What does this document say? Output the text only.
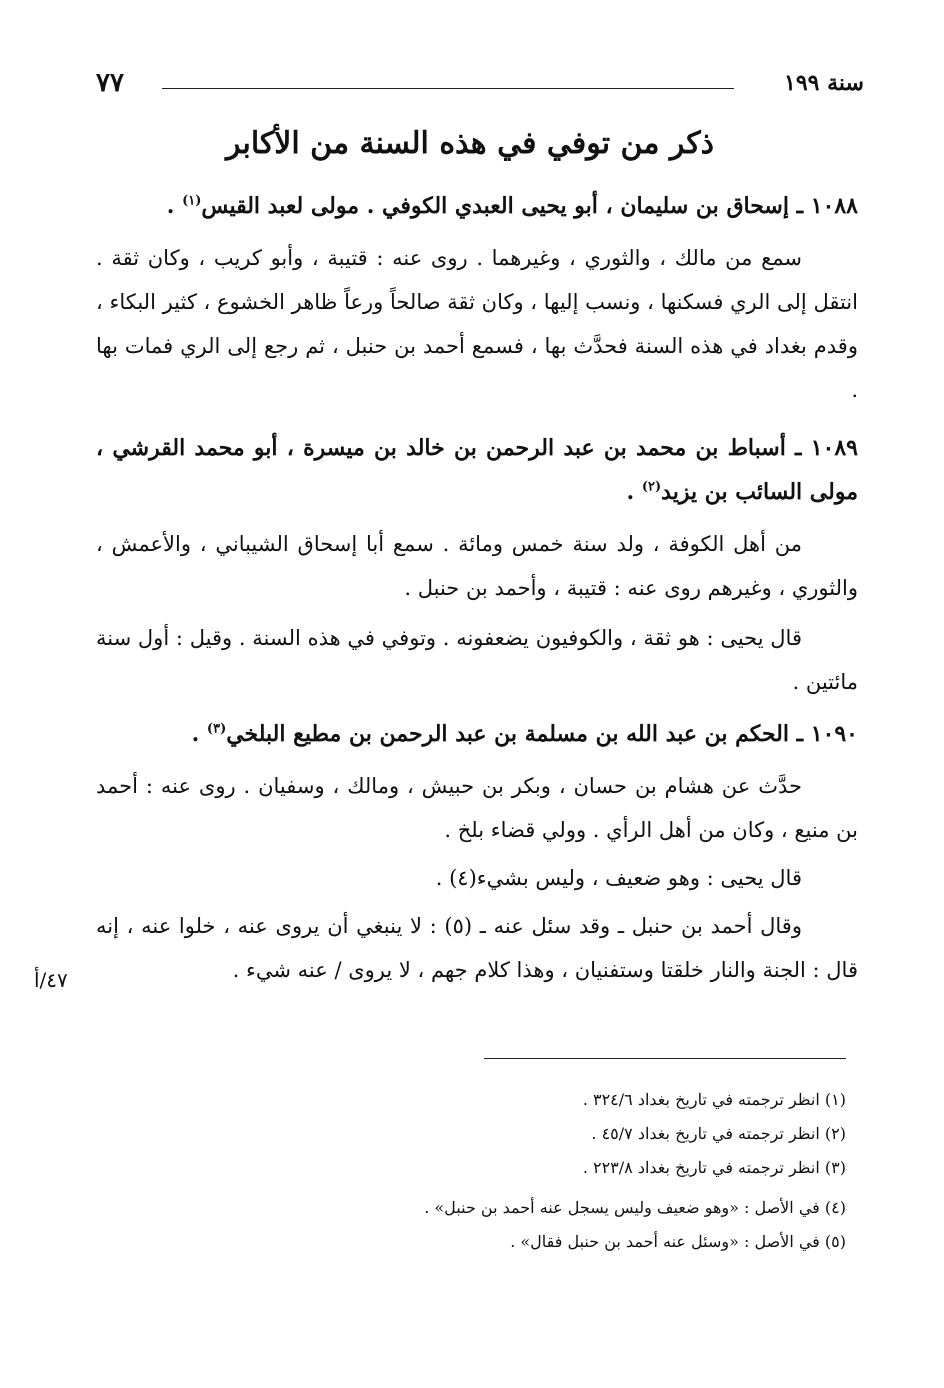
سنة ١٩٩
٧٧
ذكر من توفي في هذه السنة من الأكابر

١٠٨٨ ـ إسحاق بن سليمان ، أبو يحيى العبدي الكوفي . مولى لعبد القيس$^{(١)}$ .

سمع من مالك ، والثوري ، وغيرهما . روى عنه : قتيبة ، وأبو كريب ، وكان ثقة . انتقل إلى الري فسكنها ، ونسب إليها ، وكان ثقة صالحاً ورعاً ظاهر الخشوع ، كثير البكاء ، وقدم بغداد في هذه السنة فحدَّث بها ، فسمع أحمد بن حنبل ، ثم رجع إلى الري فمات بها .

١٠٨٩ ـ أسباط بن محمد بن عبد الرحمن بن خالد بن ميسرة ، أبو محمد القرشي ، مولى السائب بن يزيد$^{(٢)}$ .

من أهل الكوفة ، ولد سنة خمس ومائة . سمع أبا إسحاق الشيباني ، والأعمش ، والثوري ، وغيرهم روى عنه : قتيبة ، وأحمد بن حنبل .

قال يحيى : هو ثقة ، والكوفيون يضعفونه . وتوفي في هذه السنة . وقيل : أول سنة مائتين .

١٠٩٠ ـ الحكم بن عبد الله بن مسلمة بن عبد الرحمن بن مطيع البلخي$^{(٣)}$ .

حدَّث عن هشام بن حسان ، وبكر بن حبيش ، ومالك ، وسفيان . روى عنه : أحمد بن منيع ، وكان من أهل الرأي . وولي قضاء بلخ .

قال يحيى : وهو ضعيف ، وليس بشيء(٤) .

وقال أحمد بن حنبل ـ وقد سئل عنه ـ (٥) : لا ينبغي أن يروى عنه ، خلوا عنه ، إنه قال : الجنة والنار خلقتا وستفنيان ، وهذا كلام جهم ، لا يروى / عنه شيء .

٤٧/أ

(١) انظر ترجمته في تاريخ بغداد ٣٢٤/٦ .

(٢) انظر ترجمته في تاريخ بغداد ٤٥/٧ .

(٣) انظر ترجمته في تاريخ بغداد ٢٢٣/٨ .

(٤) في الأصل : «وهو ضعيف وليس يسجل عنه أحمد بن حنبل» .

(٥) في الأصل : «وسئل عنه أحمد بن حنبل فقال» .
